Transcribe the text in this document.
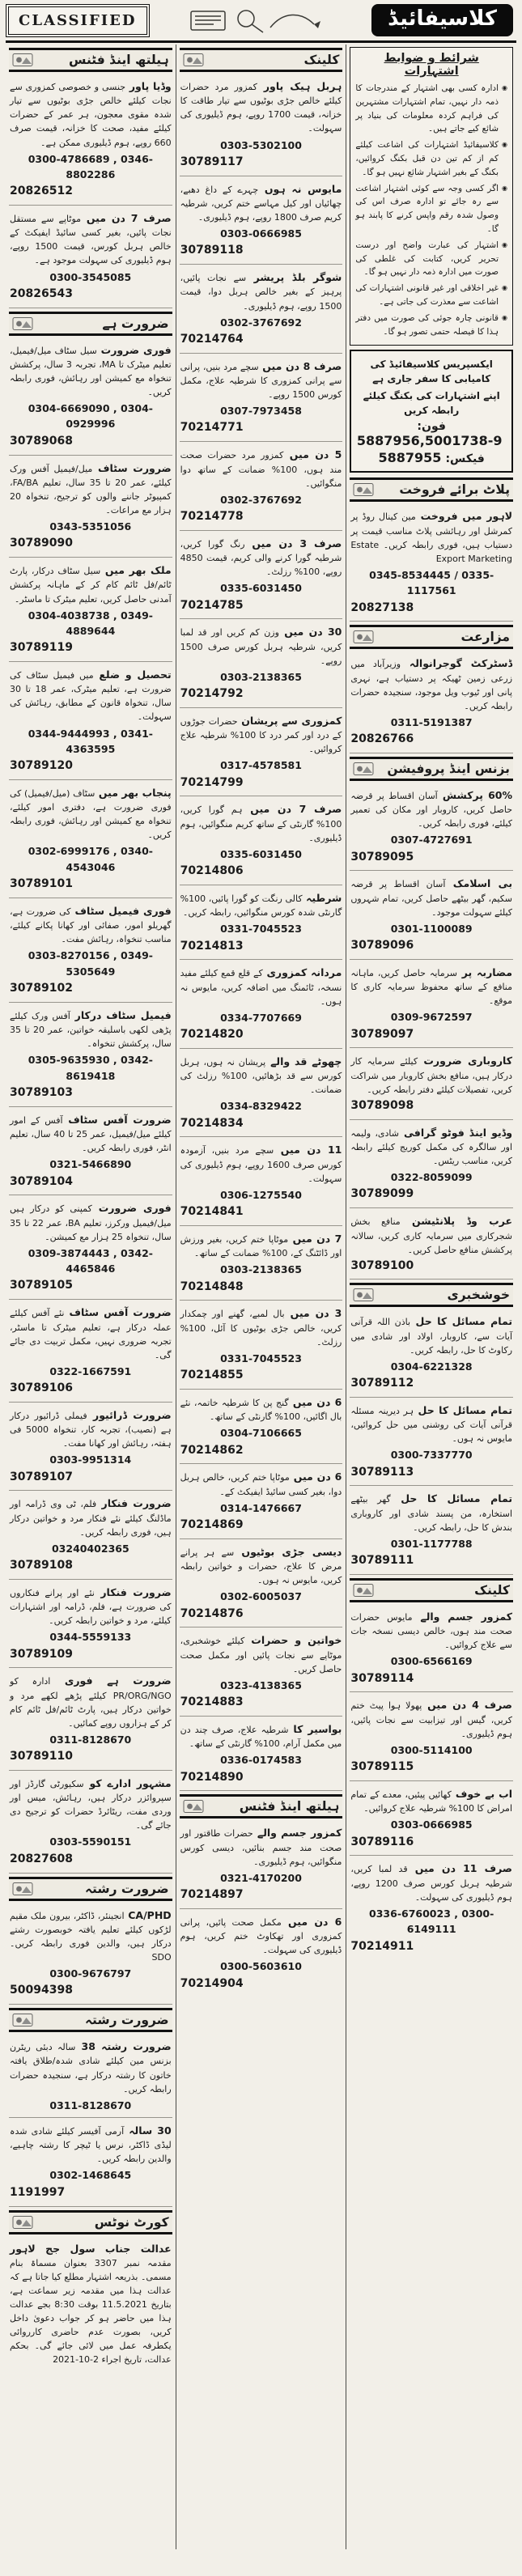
CLASSIFIED	کلاسیفائیڈ
ہیلتھ اینڈ فٹنس
وڈیا پاور جنسی و خصوصی کمزوری سے نجات کیلئے خالص جڑی بوٹیوں سے تیار شدہ مقوی معجون، ہر عمر کے حضرات کیلئے مفید، صحت کا خزانہ، قیمت صرف 660 روپے، ہوم ڈیلیوری ممکن ہے۔
0300-4786689 , 0346-8802286
20826512
صرف 7 دن میں موٹاپے سے مستقل نجات پائیں، بغیر کسی سائیڈ ایفیکٹ کے خالص ہربل کورس، قیمت 1500 روپے، ہوم ڈیلیوری کی سہولت موجود ہے۔
0300-3545085
20826543
ضرورت ہے
فوری ضرورت سیل سٹاف میل/فیمیل، تعلیم میٹرک تا MA، تجربہ 3 سال، پرکشش تنخواہ مع کمیشن اور رہائش، فوری رابطہ کریں۔
0304-6669090 , 0304-0929996
30789068
ضرورت سٹاف میل/فیمیل آفس ورک کیلئے، عمر 20 تا 35 سال، تعلیم FA/BA، کمپیوٹر جاننے والوں کو ترجیح، تنخواہ 20 ہزار مع مراعات۔
0343-5351056
30789090
ملک بھر میں سیل سٹاف درکار، پارٹ ٹائم/فل ٹائم کام کر کے ماہانہ پرکشش آمدنی حاصل کریں، تعلیم میٹرک تا ماسٹر۔
0304-4038738 , 0349-4889644
30789119
تحصیل و ضلع میں فیمیل سٹاف کی ضرورت ہے، تعلیم میٹرک، عمر 18 تا 30 سال، تنخواہ قانون کے مطابق، رہائش کی سہولت۔
0344-9444993 , 0341-4363595
30789120
پنجاب بھر میں سٹاف (میل/فیمیل) کی فوری ضرورت ہے، دفتری امور کیلئے، تنخواہ مع کمیشن اور رہائش، فوری رابطہ کریں۔
0302-6999176 , 0340-4543046
30789101
فوری فیمیل سٹاف کی ضرورت ہے، گھریلو امور، صفائی اور کھانا پکانے کیلئے، مناسب تنخواہ، رہائش مفت۔
0303-8270156 , 0349-5305649
30789102
فیمیل سٹاف درکار آفس ورک کیلئے پڑھی لکھی باسلیقہ خواتین، عمر 20 تا 35 سال، پرکشش تنخواہ۔
0305-9635930 , 0342-8619418
30789103
ضرورت آفس سٹاف آفس کے امور کیلئے میل/فیمیل، عمر 25 تا 40 سال، تعلیم انٹر، فوری رابطہ کریں۔
0321-5466890
30789104
فوری ضرورت کمپنی کو درکار ہیں میل/فیمیل ورکرز، تعلیم BA، عمر 22 تا 35 سال، تنخواہ 25 ہزار مع کمیشن۔
0309-3874443 , 0342-4465846
30789105
ضرورت آفس سٹاف نئے آفس کیلئے عملہ درکار ہے، تعلیم میٹرک تا ماسٹر، تجربہ ضروری نہیں، مکمل تربیت دی جائے گی۔
0322-1667591
30789106
ضرورت ڈرائیور فیملی ڈرائیور درکار ہے (نصیب)، تجربہ کار، تنخواہ 5000 فی ہفتہ، رہائش اور کھانا مفت۔
0303-9951314
30789107
ضرورت فنکار فلم، ٹی وی ڈرامہ اور ماڈلنگ کیلئے نئے فنکار مرد و خواتین درکار ہیں، فوری رابطہ کریں۔
03240402365
30789108
ضرورت فنکار نئے اور پرانے فنکاروں کی ضرورت ہے، فلم، ڈرامہ اور اشتہارات کیلئے، مرد و خواتین رابطہ کریں۔
0344-5559133
30789109
ضرورت ہے فوری ادارہ کو PR/ORG/NGO کیلئے پڑھے لکھے مرد و خواتین درکار ہیں، پارٹ ٹائم/فل ٹائم کام کر کے ہزاروں روپے کمائیں۔
0311-8128670
30789110
مشہور ادارے کو سکیورٹی گارڈز اور سپروائزر درکار ہیں، رہائش، میس اور وردی مفت، ریٹائرڈ حضرات کو ترجیح دی جائے گی۔
0303-5590151
20827608
ضرورت رشتہ
CA/PHD انجینئر، ڈاکٹر، بیرون ملک مقیم لڑکوں کیلئے تعلیم یافتہ خوبصورت رشتے درکار ہیں، والدین فوری رابطہ کریں۔ SDO
0300-9676797
50094398
ضرورت رشتہ
ضرورت رشتہ 38 سالہ دبئی ریٹرن بزنس مین کیلئے شادی شدہ/طلاق یافتہ خاتون کا رشتہ درکار ہے، سنجیدہ حضرات رابطہ کریں۔
0311-8128670
30 سالہ آرمی آفیسر کیلئے شادی شدہ لیڈی ڈاکٹر، نرس یا ٹیچر کا رشتہ چاہیے، والدین رابطہ کریں۔
0302-1468645
1191997
کورٹ نوٹس
عدالت جناب سول جج لاہور مقدمہ نمبر 3307 بعنوان مسماۃ بنام مسمی۔ بذریعہ اشتہار مطلع کیا جاتا ہے کہ عدالت ہذا میں مقدمہ زیر سماعت ہے، بتاریخ 11.5.2021 بوقت 8:30 بجے عدالت ہذا میں حاضر ہو کر جواب دعویٰ داخل کریں، بصورت عدم حاضری کارروائی یکطرفہ عمل میں لائی جائے گی۔ بحکم عدالت، تاریخ اجراء 2-10-2021
کلینک
ہربل ہیک پاور کمزور مرد حضرات کیلئے خالص جڑی بوٹیوں سے تیار طاقت کا خزانہ، قیمت 1700 روپے، ہوم ڈیلیوری کی سہولت۔
0303-5302100
30789117
مایوس نہ ہوں چہرے کے داغ دھبے، چھائیاں اور کیل مہاسے ختم کریں، شرطیہ کریم صرف 1800 روپے، ہوم ڈیلیوری۔
0303-0666985
30789118
شوگر بلڈ پریشر سے نجات پائیں، پرہیز کے بغیر خالص ہربل دوا، قیمت 1500 روپے، ہوم ڈیلیوری۔
0302-3767692
70214764
صرف 8 دن میں سچے مرد بنیں، پرانی سے پرانی کمزوری کا شرطیہ علاج، مکمل کورس 1500 روپے۔
0307-7973458
70214771
5 دن میں کمزور مرد حضرات صحت مند ہوں، 100% ضمانت کے ساتھ دوا منگوائیں۔
0302-3767692
70214778
صرف 3 دن میں رنگ گورا کریں، شرطیہ گورا کرنے والی کریم، قیمت 4850 روپے، 100% رزلٹ۔
0335-6031450
70214785
30 دن میں وزن کم کریں اور قد لمبا کریں، شرطیہ ہربل کورس صرف 1500 روپے۔
0303-2138365
70214792
کمزوری سے پریشان حضرات جوڑوں کے درد اور کمر درد کا 100% شرطیہ علاج کروائیں۔
0317-4578581
70214799
صرف 7 دن میں ہم گورا کریں، 100% گارنٹی کے ساتھ کریم منگوائیں، ہوم ڈیلیوری۔
0335-6031450
70214806
شرطیہ کالی رنگت کو گورا پائیں، 100% گارنٹی شدہ کورس منگوائیں، رابطہ کریں۔
0331-7045523
70214813
مردانہ کمزوری کے قلع قمع کیلئے مفید نسخہ، ٹائمنگ میں اضافہ کریں، مایوس نہ ہوں۔
0334-7707669
70214820
چھوٹے قد والے پریشان نہ ہوں، ہربل کورس سے قد بڑھائیں، 100% رزلٹ کی ضمانت۔
0334-8329422
70214834
11 دن میں سچے مرد بنیں، آزمودہ کورس صرف 1600 روپے، ہوم ڈیلیوری کی سہولت۔
0306-1275540
70214841
7 دن میں موٹاپا ختم کریں، بغیر ورزش اور ڈائٹنگ کے، 100% ضمانت کے ساتھ۔
0303-2138365
70214848
3 دن میں بال لمبے، گھنے اور چمکدار کریں، خالص جڑی بوٹیوں کا آئل، 100% رزلٹ۔
0331-7045523
70214855
6 دن میں گنج پن کا شرطیہ خاتمہ، نئے بال اگائیں، 100% گارنٹی کے ساتھ۔
0304-7106665
70214862
6 دن میں موٹاپا ختم کریں، خالص ہربل دوا، بغیر کسی سائیڈ ایفیکٹ کے۔
0314-1476667
70214869
دیسی جڑی بوٹیوں سے ہر پرانے مرض کا علاج، حضرات و خواتین رابطہ کریں، مایوس نہ ہوں۔
0302-6005037
70214876
خواتین و حضرات کیلئے خوشخبری، موٹاپے سے نجات پائیں اور مکمل صحت حاصل کریں۔
0323-4138365
70214883
بواسیر کا شرطیہ علاج، صرف چند دن میں مکمل آرام، 100% گارنٹی کے ساتھ۔
0336-0174583
70214890
ہیلتھ اینڈ فٹنس
کمزور جسم والے حضرات طاقتور اور صحت مند جسم بنائیں، دیسی کورس منگوائیں، ہوم ڈیلیوری۔
0321-4170200
70214897
6 دن میں مکمل صحت پائیں، پرانی کمزوری اور تھکاوٹ ختم کریں، ہوم ڈیلیوری کی سہولت۔
0300-5603610
70214904
شرائط و ضوابط اشتہارات
◉ ادارہ کسی بھی اشتہار کے مندرجات کا ذمہ دار نہیں، تمام اشتہارات مشتہرین کی فراہم کردہ معلومات کی بنیاد پر شائع کیے جاتے ہیں۔
◉ کلاسیفائیڈ اشتہارات کی اشاعت کیلئے کم از کم تین دن قبل بکنگ کروائیں، بکنگ کے بغیر اشتہار شائع نہیں ہو گا۔
◉ اگر کسی وجہ سے کوئی اشتہار اشاعت سے رہ جائے تو ادارہ صرف اس کی وصول شدہ رقم واپس کرنے کا پابند ہو گا۔
◉ اشتہار کی عبارت واضح اور درست تحریر کریں، کتابت کی غلطی کی صورت میں ادارہ ذمہ دار نہیں ہو گا۔
◉ غیر اخلاقی اور غیر قانونی اشتہارات کی اشاعت سے معذرت کی جاتی ہے۔
◉ قانونی چارہ جوئی کی صورت میں دفتر ہذا کا فیصلہ حتمی تصور ہو گا۔
ایکسپریس کلاسیفائیڈ کی کامیابی کا سفر جاری ہے
اپنے اشتہارات کی بکنگ کیلئے رابطہ کریں
فون:5887956,5001738-9
فیکس:5887955
پلاٹ برائے فروخت
لاہور میں فروخت مین کینال روڈ پر کمرشل اور رہائشی پلاٹ مناسب قیمت پر دستیاب ہیں، فوری رابطہ کریں۔ Estate Export Marketing
0345-8534445 / 0335-1117561
20827138
مزارعت
ڈسٹرکٹ گوجرانوالہ وزیرآباد میں زرعی زمین ٹھیکہ پر دستیاب ہے، نہری پانی اور ٹیوب ویل موجود، سنجیدہ حضرات رابطہ کریں۔
0311-5191387
20826766
بزنس اینڈ پروفیشن
60% پرکشش آسان اقساط پر قرضہ حاصل کریں، کاروبار اور مکان کی تعمیر کیلئے، فوری رابطہ کریں۔
0307-4727691
30789095
بی اسلامک آسان اقساط پر قرضہ سکیم، گھر بیٹھے حاصل کریں، تمام شہروں کیلئے سہولت موجود۔
0301-1100089
30789096
مضاربہ پر سرمایہ حاصل کریں، ماہانہ منافع کے ساتھ محفوظ سرمایہ کاری کا موقع۔
0309-9672597
30789097
کاروباری ضرورت کیلئے سرمایہ کار درکار ہیں، منافع بخش کاروبار میں شراکت کریں، تفصیلات کیلئے دفتر رابطہ کریں۔
30789098
وڈیو اینڈ فوٹو گرافی شادی، ولیمہ اور سالگرہ کی مکمل کوریج کیلئے رابطہ کریں، مناسب ریٹس۔
0322-8059099
30789099
عرب وڈ پلانٹیشن منافع بخش شجرکاری میں سرمایہ کاری کریں، سالانہ پرکشش منافع حاصل کریں۔
30789100
خوشخبری
تمام مسائل کا حل باذن اللہ قرآنی آیات سے، کاروبار، اولاد اور شادی میں رکاوٹ کا حل، رابطہ کریں۔
0304-6221328
30789112
تمام مسائل کا حل ہر دیرینہ مسئلہ قرآنی آیات کی روشنی میں حل کروائیں، مایوس نہ ہوں۔
0300-7337770
30789113
تمام مسائل کا حل گھر بیٹھے استخارہ، من پسند شادی اور کاروباری بندش کا حل، رابطہ کریں۔
0301-1177788
30789111
کلینک
کمزور جسم والے مایوس حضرات صحت مند ہوں، خالص دیسی نسخہ جات سے علاج کروائیں۔
0300-6566169
30789114
صرف 4 دن میں پھولا ہوا پیٹ ختم کریں، گیس اور تیزابیت سے نجات پائیں، ہوم ڈیلیوری۔
0300-5114100
30789115
اب بے خوف کھائیں پیئیں، معدے کے تمام امراض کا 100% شرطیہ علاج کروائیں۔
0303-0666985
30789116
صرف 11 دن میں قد لمبا کریں، شرطیہ ہربل کورس صرف 1200 روپے، ہوم ڈیلیوری کی سہولت۔
0336-6760023 , 0300-6149111
70214911
